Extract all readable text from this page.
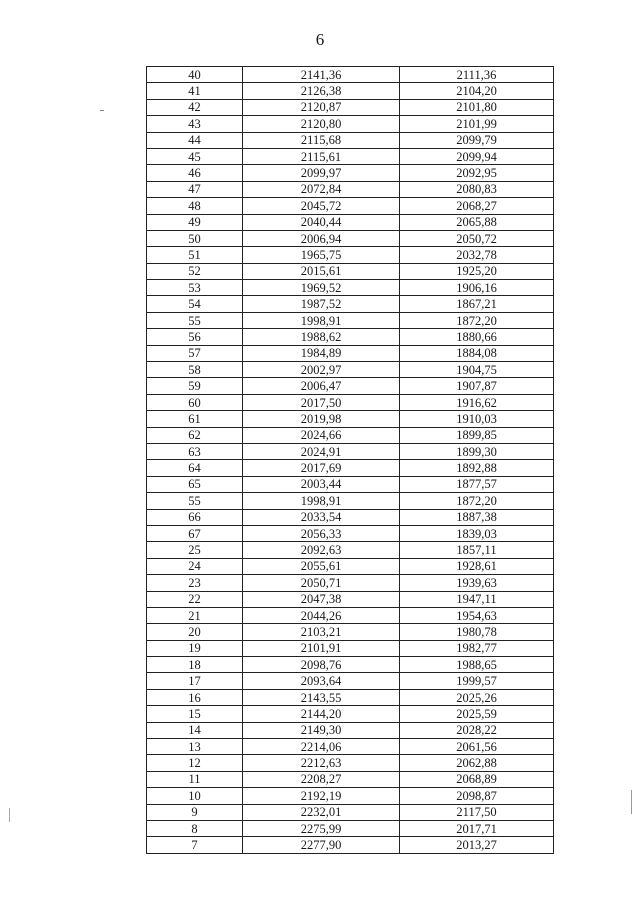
6
40	2141,36	2111,36
41	2126,38	2104,20
42	2120,87	2101,80
43	2120,80	2101,99
44	2115,68	2099,79
45	2115,61	2099,94
46	2099,97	2092,95
47	2072,84	2080,83
48	2045,72	2068,27
49	2040,44	2065,88
50	2006,94	2050,72
51	1965,75	2032,78
52	2015,61	1925,20
53	1969,52	1906,16
54	1987,52	1867,21
55	1998,91	1872,20
56	1988,62	1880,66
57	1984,89	1884,08
58	2002,97	1904,75
59	2006,47	1907,87
60	2017,50	1916,62
61	2019,98	1910,03
62	2024,66	1899,85
63	2024,91	1899,30
64	2017,69	1892,88
65	2003,44	1877,57
55	1998,91	1872,20
66	2033,54	1887,38
67	2056,33	1839,03
25	2092,63	1857,11
24	2055,61	1928,61
23	2050,71	1939,63
22	2047,38	1947,11
21	2044,26	1954,63
20	2103,21	1980,78
19	2101,91	1982,77
18	2098,76	1988,65
17	2093,64	1999,57
16	2143,55	2025,26
15	2144,20	2025,59
14	2149,30	2028,22
13	2214,06	2061,56
12	2212,63	2062,88
11	2208,27	2068,89
10	2192,19	2098,87
9	2232,01	2117,50
8	2275,99	2017,71
7	2277,90	2013,27
